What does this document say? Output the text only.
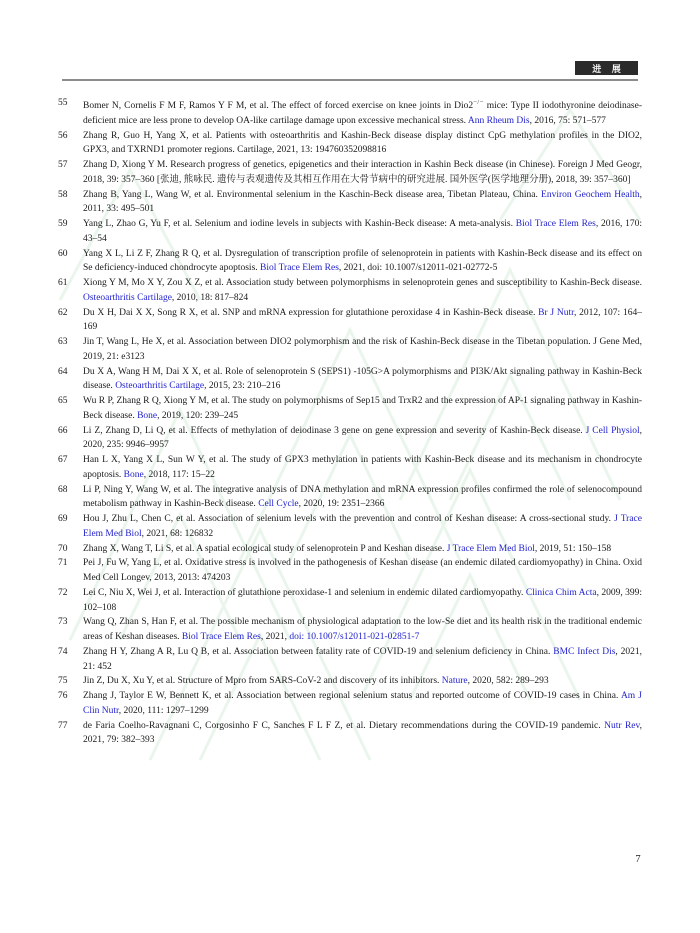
进 展
55	Bomer N, Cornelis F M F, Ramos Y F M, et al. The effect of forced exercise on knee joints in Dio2−/− mice: Type II iodothyronine deiodinase-deficient mice are less prone to develop OA-like cartilage damage upon excessive mechanical stress. Ann Rheum Dis, 2016, 75: 571–577
56	Zhang R, Guo H, Yang X, et al. Patients with osteoarthritis and Kashin-Beck disease display distinct CpG methylation profiles in the DIO2, GPX3, and TXRND1 promoter regions. Cartilage, 2021, 13: 194760352098816
57	Zhang D, Xiong Y M. Research progress of genetics, epigenetics and their interaction in Kashin Beck disease (in Chinese). Foreign J Med Geogr, 2018, 39: 357–360 [张迪, 熊咏民. 遗传与表观遗传及其相互作用在大骨节病中的研究进展. 国外医学(医学地理分册), 2018, 39: 357–360]
58	Zhang B, Yang L, Wang W, et al. Environmental selenium in the Kaschin-Beck disease area, Tibetan Plateau, China. Environ Geochem Health, 2011, 33: 495–501
59	Yang L, Zhao G, Yu F, et al. Selenium and iodine levels in subjects with Kashin-Beck disease: A meta-analysis. Biol Trace Elem Res, 2016, 170: 43–54
60	Yang X L, Li Z F, Zhang R Q, et al. Dysregulation of transcription profile of selenoprotein in patients with Kashin-Beck disease and its effect on Se deficiency-induced chondrocyte apoptosis. Biol Trace Elem Res, 2021, doi: 10.1007/s12011-021-02772-5
61	Xiong Y M, Mo X Y, Zou X Z, et al. Association study between polymorphisms in selenoprotein genes and susceptibility to Kashin-Beck disease. Osteoarthritis Cartilage, 2010, 18: 817–824
62	Du X H, Dai X X, Song R X, et al. SNP and mRNA expression for glutathione peroxidase 4 in Kashin-Beck disease. Br J Nutr, 2012, 107: 164–169
63	Jin T, Wang L, He X, et al. Association between DIO2 polymorphism and the risk of Kashin-Beck disease in the Tibetan population. J Gene Med, 2019, 21: e3123
64	Du X A, Wang H M, Dai X X, et al. Role of selenoprotein S (SEPS1) -105G>A polymorphisms and PI3K/Akt signaling pathway in Kashin-Beck disease. Osteoarthritis Cartilage, 2015, 23: 210–216
65	Wu R P, Zhang R Q, Xiong Y M, et al. The study on polymorphisms of Sep15 and TrxR2 and the expression of AP-1 signaling pathway in Kashin-Beck disease. Bone, 2019, 120: 239–245
66	Li Z, Zhang D, Li Q, et al. Effects of methylation of deiodinase 3 gene on gene expression and severity of Kashin-Beck disease. J Cell Physiol, 2020, 235: 9946–9957
67	Han L X, Yang X L, Sun W Y, et al. The study of GPX3 methylation in patients with Kashin-Beck disease and its mechanism in chondrocyte apoptosis. Bone, 2018, 117: 15–22
68	Li P, Ning Y, Wang W, et al. The integrative analysis of DNA methylation and mRNA expression profiles confirmed the role of selenocompound metabolism pathway in Kashin-Beck disease. Cell Cycle, 2020, 19: 2351–2366
69	Hou J, Zhu L, Chen C, et al. Association of selenium levels with the prevention and control of Keshan disease: A cross-sectional study. J Trace Elem Med Biol, 2021, 68: 126832
70	Zhang X, Wang T, Li S, et al. A spatial ecological study of selenoprotein P and Keshan disease. J Trace Elem Med Biol, 2019, 51: 150–158
71	Pei J, Fu W, Yang L, et al. Oxidative stress is involved in the pathogenesis of Keshan disease (an endemic dilated cardiomyopathy) in China. Oxid Med Cell Longev, 2013, 2013: 474203
72	Lei C, Niu X, Wei J, et al. Interaction of glutathione peroxidase-1 and selenium in endemic dilated cardiomyopathy. Clinica Chim Acta, 2009, 399: 102–108
73	Wang Q, Zhan S, Han F, et al. The possible mechanism of physiological adaptation to the low-Se diet and its health risk in the traditional endemic areas of Keshan diseases. Biol Trace Elem Res, 2021, doi: 10.1007/s12011-021-02851-7
74	Zhang H Y, Zhang A R, Lu Q B, et al. Association between fatality rate of COVID-19 and selenium deficiency in China. BMC Infect Dis, 2021, 21: 452
75	Jin Z, Du X, Xu Y, et al. Structure of Mpro from SARS-CoV-2 and discovery of its inhibitors. Nature, 2020, 582: 289–293
76	Zhang J, Taylor E W, Bennett K, et al. Association between regional selenium status and reported outcome of COVID-19 cases in China. Am J Clin Nutr, 2020, 111: 1297–1299
77	de Faria Coelho-Ravagnani C, Corgosinho F C, Sanches F L F Z, et al. Dietary recommendations during the COVID-19 pandemic. Nutr Rev, 2021, 79: 382–393
7
